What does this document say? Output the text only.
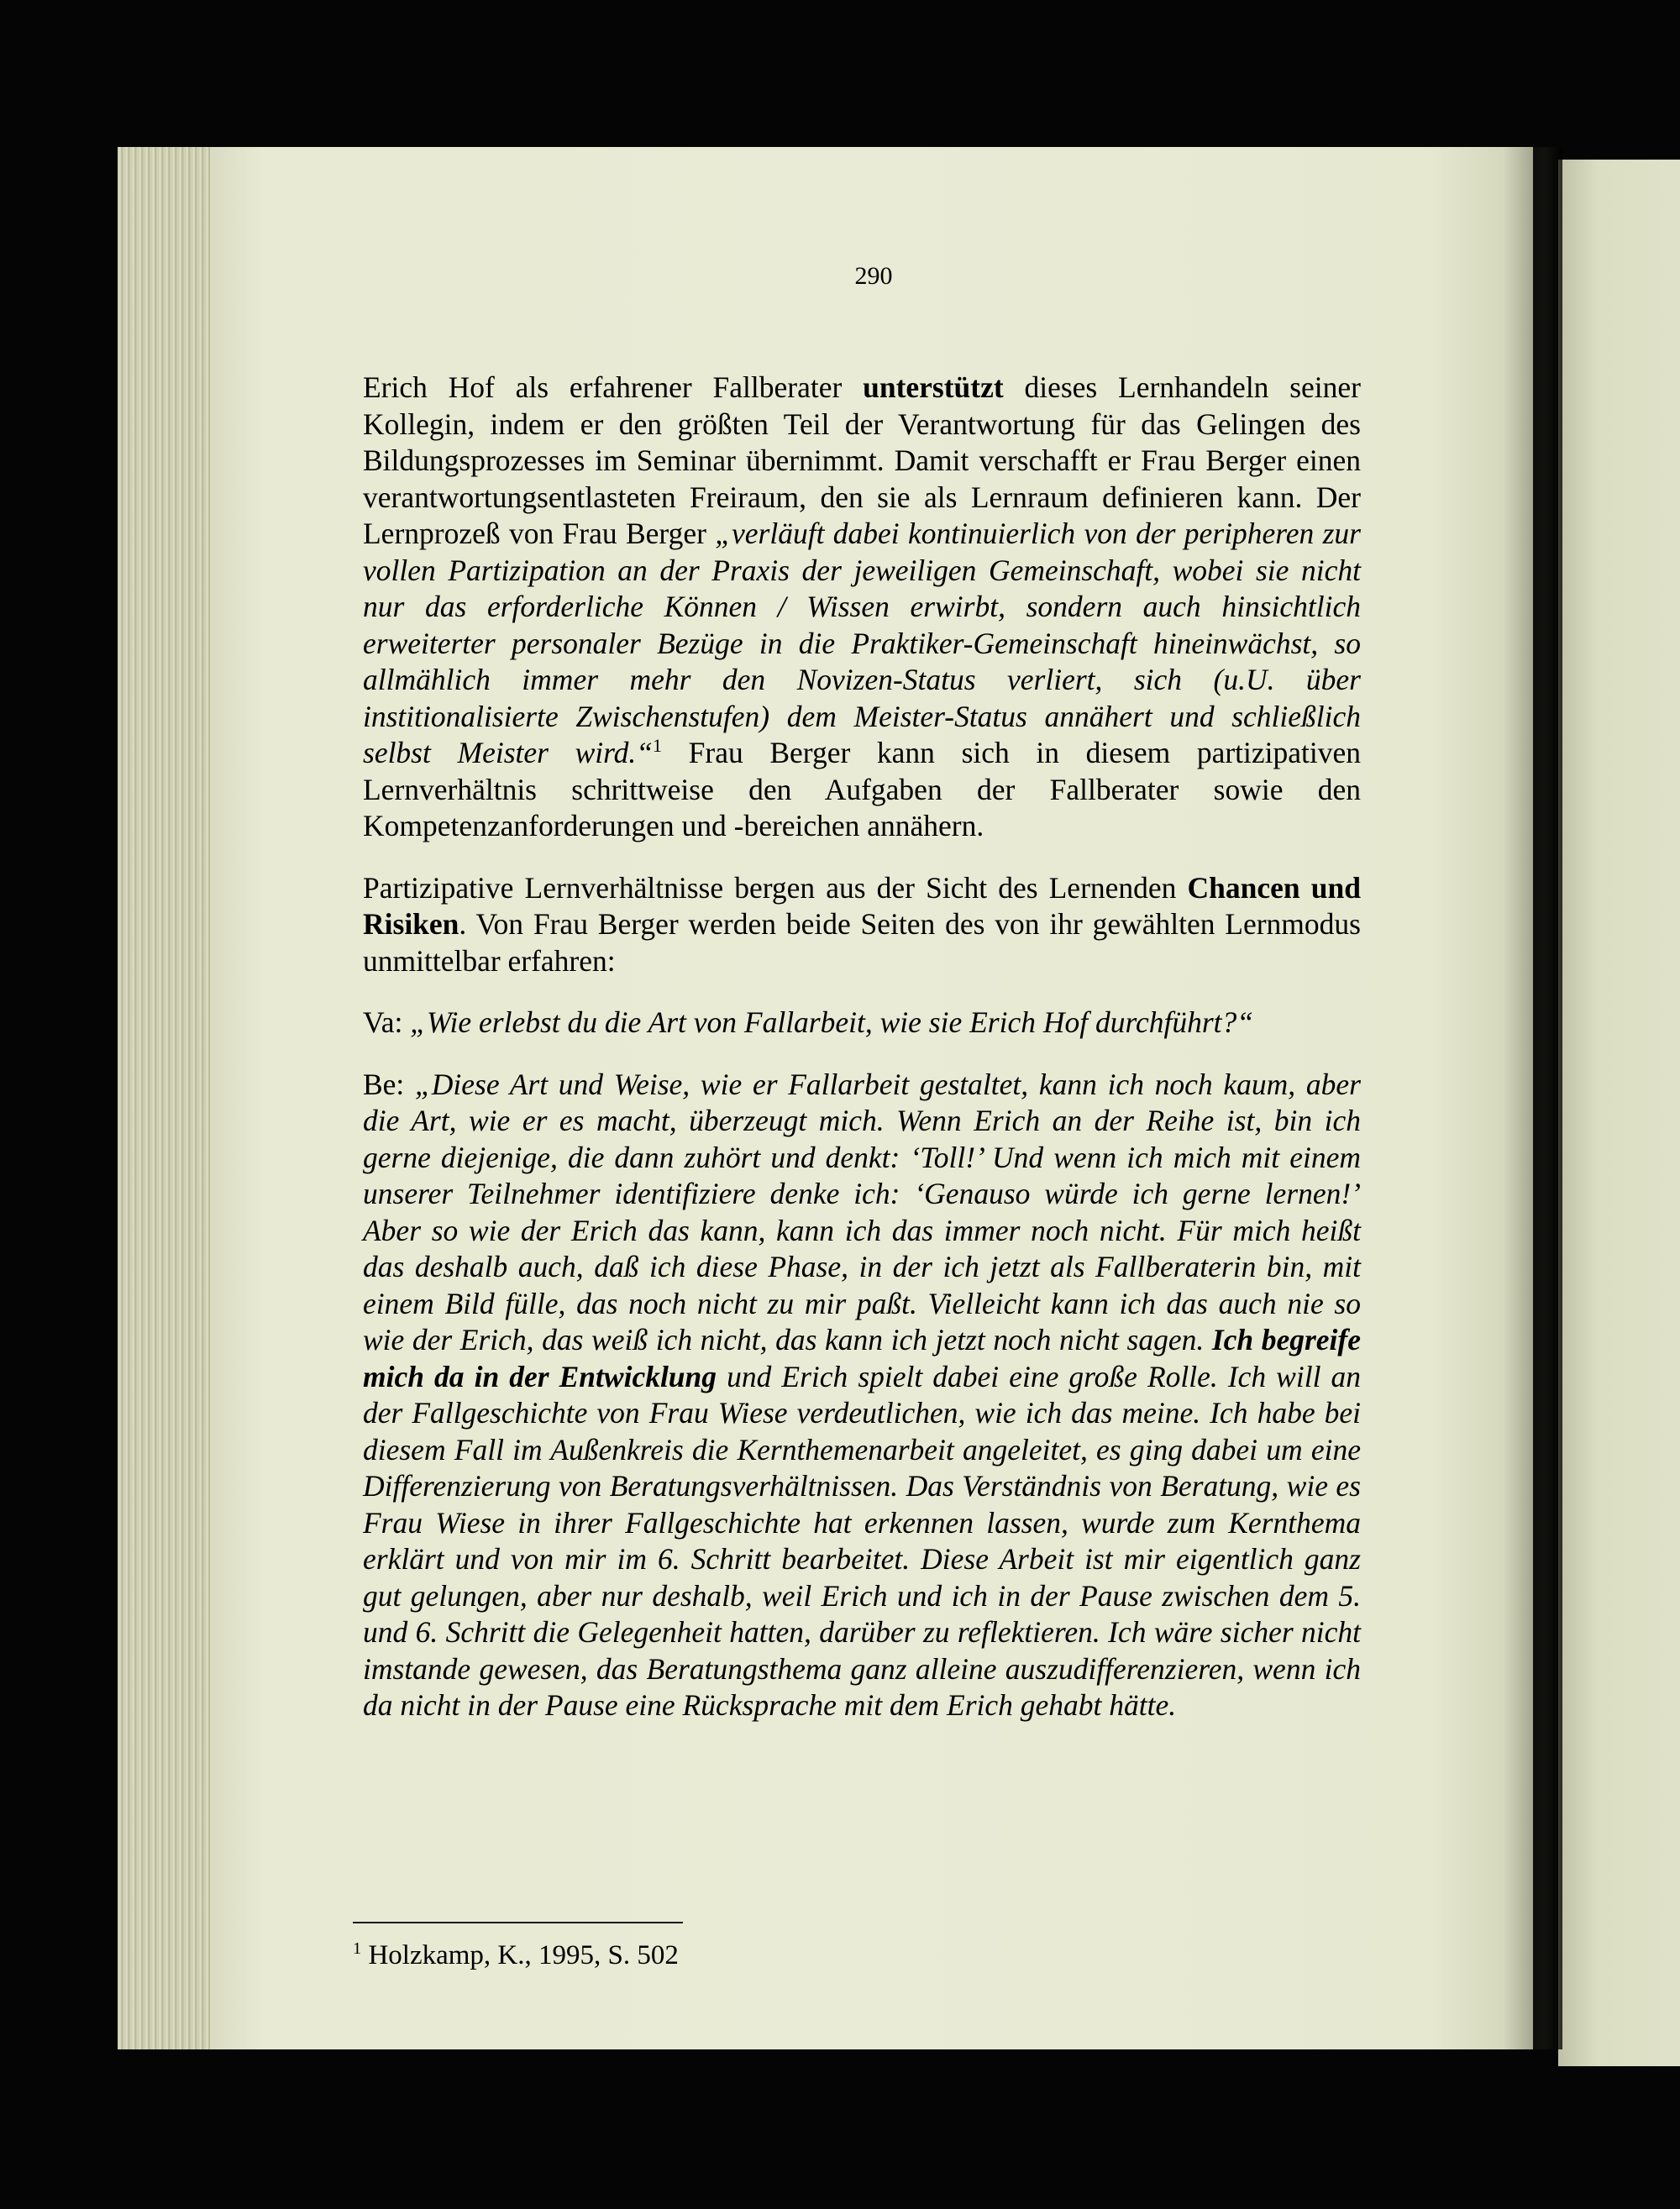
290

Erich Hof als erfahrener Fallberater unterstützt dieses Lernhandeln seiner Kollegin, indem er den größten Teil der Verantwortung für das Gelingen des Bildungsprozesses im Seminar übernimmt. Damit verschafft er Frau Berger einen verantwortungsentlasteten Freiraum, den sie als Lernraum definieren kann. Der Lernprozeß von Frau Berger „verläuft dabei kontinuierlich von der peripheren zur vollen Partizipation an der Praxis der jeweiligen Gemeinschaft, wobei sie nicht nur das erforderliche Können / Wissen erwirbt, sondern auch hinsichtlich erweiterter personaler Bezüge in die Praktiker-Gemeinschaft hineinwächst, so allmählich immer mehr den Novizen-Status verliert, sich (u.U. über institionalisierte Zwischenstufen) dem Meister-Status annähert und schließlich selbst Meister wird.“$^1$ Frau Berger kann sich in diesem partizipativen Lernverhältnis schrittweise den Aufgaben der Fallberater sowie den Kompetenzanforderungen und -bereichen annähern.

Partizipative Lernverhältnisse bergen aus der Sicht des Lernenden Chancen und Risiken. Von Frau Berger werden beide Seiten des von ihr gewählten Lernmodus unmittelbar erfahren:

Va: „Wie erlebst du die Art von Fallarbeit, wie sie Erich Hof durchführt?“

Be: „Diese Art und Weise, wie er Fallarbeit gestaltet, kann ich noch kaum, aber die Art, wie er es macht, überzeugt mich. Wenn Erich an der Reihe ist, bin ich gerne diejenige, die dann zuhört und denkt: ‘Toll!’ Und wenn ich mich mit einem unserer Teilnehmer identifiziere denke ich: ‘Genauso würde ich gerne lernen!’ Aber so wie der Erich das kann, kann ich das immer noch nicht. Für mich heißt das deshalb auch, daß ich diese Phase, in der ich jetzt als Fallberaterin bin, mit einem Bild fülle, das noch nicht zu mir paßt. Vielleicht kann ich das auch nie so wie der Erich, das weiß ich nicht, das kann ich jetzt noch nicht sagen. Ich begreife mich da in der Entwicklung und Erich spielt dabei eine große Rolle. Ich will an der Fallgeschichte von Frau Wiese verdeutlichen, wie ich das meine. Ich habe bei diesem Fall im Außenkreis die Kernthemenarbeit angeleitet, es ging dabei um eine Differenzierung von Beratungsverhältnissen. Das Verständnis von Beratung, wie es Frau Wiese in ihrer Fallgeschichte hat erkennen lassen, wurde zum Kernthema erklärt und von mir im 6. Schritt bearbeitet. Diese Arbeit ist mir eigentlich ganz gut gelungen, aber nur deshalb, weil Erich und ich in der Pause zwischen dem 5. und 6. Schritt die Gelegenheit hatten, darüber zu reflektieren. Ich wäre sicher nicht imstande gewesen, das Beratungsthema ganz alleine auszudifferenzieren, wenn ich da nicht in der Pause eine Rücksprache mit dem Erich gehabt hätte.

$^1$ Holzkamp, K., 1995, S. 502
